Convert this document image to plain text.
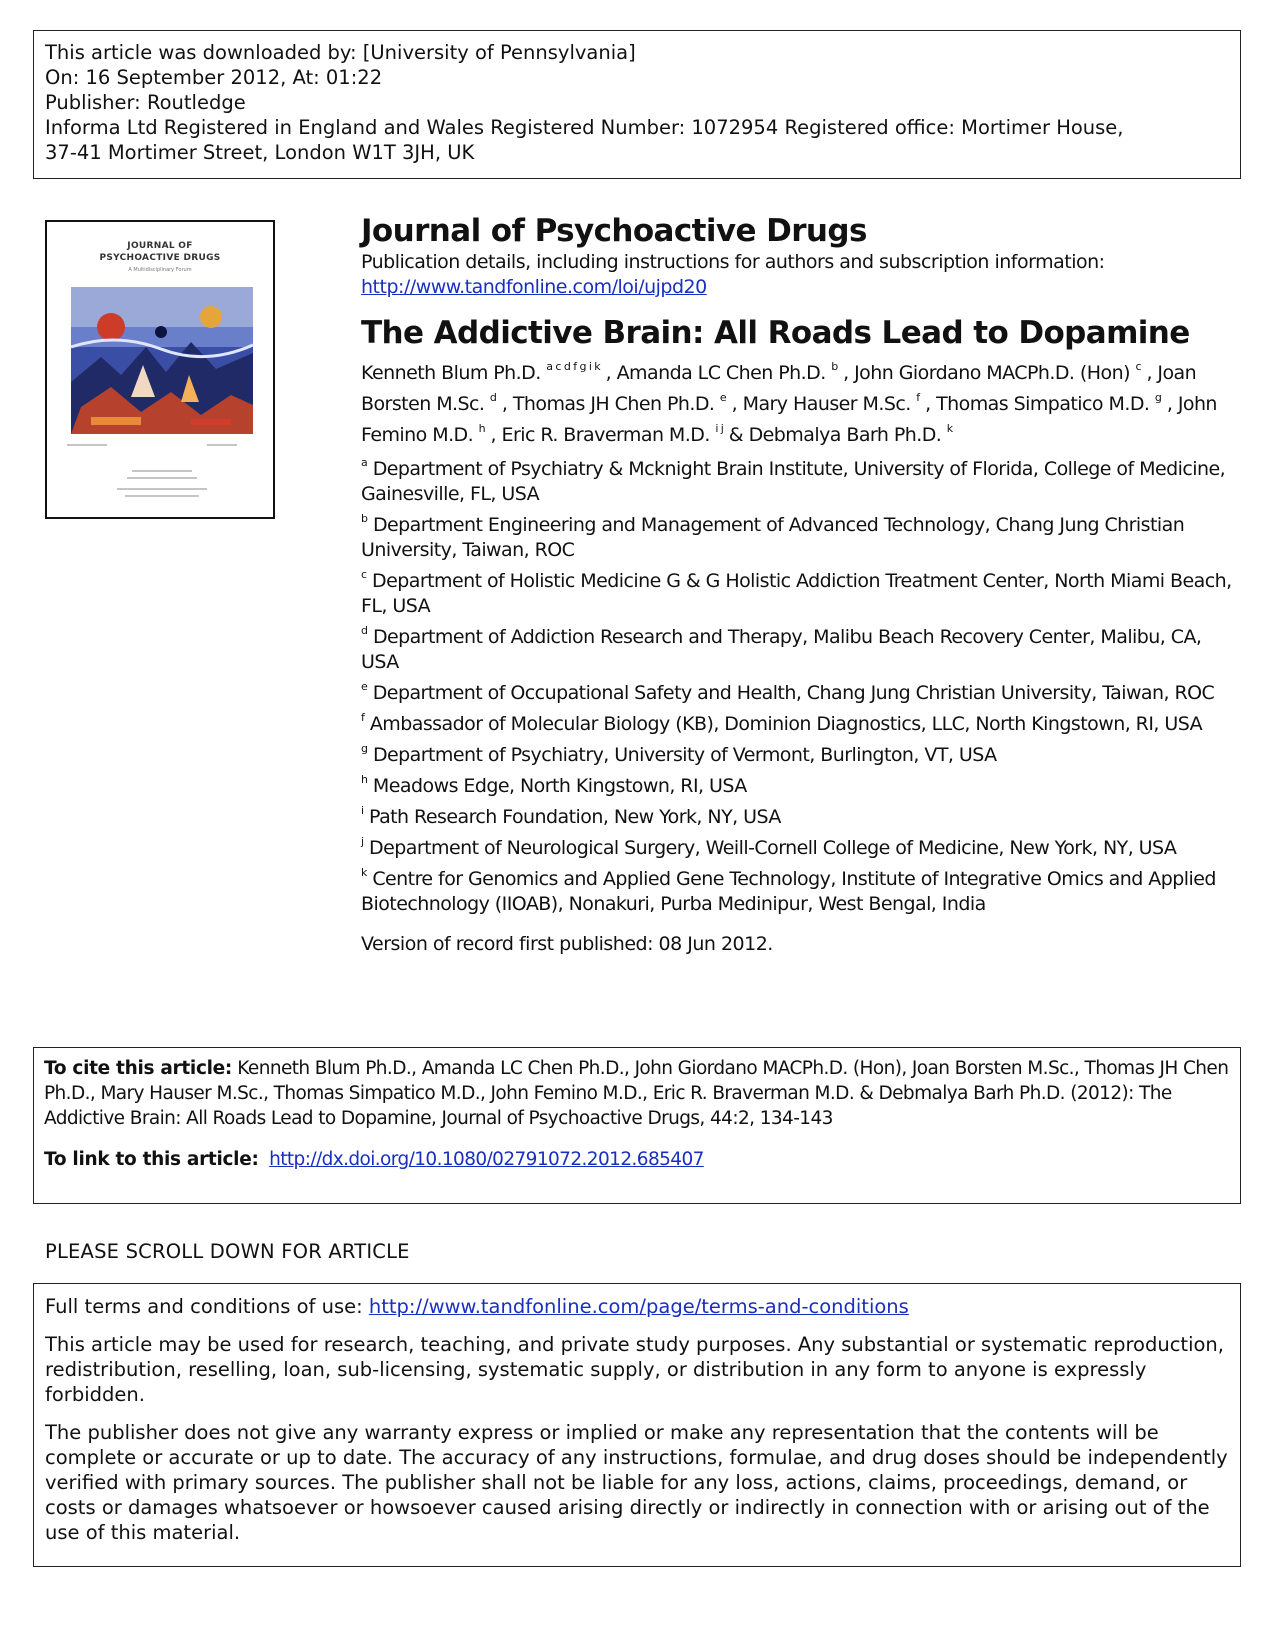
This article was downloaded by: [University of Pennsylvania]
On: 16 September 2012, At: 01:22
Publisher: Routledge
Informa Ltd Registered in England and Wales Registered Number: 1072954 Registered office: Mortimer House,
37-41 Mortimer Street, London W1T 3JH, UK
JOURNAL OF
PSYCHOACTIVE DRUGS
A Multidisciplinary Forum
Journal of Psychoactive Drugs
Publication details, including instructions for authors and subscription information:
http://www.tandfonline.com/loi/ujpd20
The Addictive Brain: All Roads Lead to Dopamine
Kenneth Blum Ph.D. $^{a c d f g i k}$ , Amanda LC Chen Ph.D. $^b$ , John Giordano MACPh.D. (Hon) $^c$ , Joan Borsten M.Sc. $^d$ , Thomas JH Chen Ph.D. $^e$ , Mary Hauser M.Sc. $^f$ , Thomas Simpatico M.D. $^g$ , John Femino M.D. $^h$ , Eric R. Braverman M.D. $^{i j}$ & Debmalya Barh Ph.D. $^k$
$^a$ Department of Psychiatry & Mcknight Brain Institute, University of Florida, College of Medicine, Gainesville, FL, USA
$^b$ Department Engineering and Management of Advanced Technology, Chang Jung Christian University, Taiwan, ROC
$^c$ Department of Holistic Medicine G & G Holistic Addiction Treatment Center, North Miami Beach, FL, USA
$^d$ Department of Addiction Research and Therapy, Malibu Beach Recovery Center, Malibu, CA, USA
$^e$ Department of Occupational Safety and Health, Chang Jung Christian University, Taiwan, ROC
$^f$ Ambassador of Molecular Biology (KB), Dominion Diagnostics, LLC, North Kingstown, RI, USA
$^g$ Department of Psychiatry, University of Vermont, Burlington, VT, USA
$^h$ Meadows Edge, North Kingstown, RI, USA
$^i$ Path Research Foundation, New York, NY, USA
$^j$ Department of Neurological Surgery, Weill-Cornell College of Medicine, New York, NY, USA
$^k$ Centre for Genomics and Applied Gene Technology, Institute of Integrative Omics and Applied Biotechnology (IIOAB), Nonakuri, Purba Medinipur, West Bengal, India
Version of record first published: 08 Jun 2012.
To cite this article: Kenneth Blum Ph.D., Amanda LC Chen Ph.D., John Giordano MACPh.D. (Hon), Joan Borsten M.Sc., Thomas JH Chen Ph.D., Mary Hauser M.Sc., Thomas Simpatico M.D., John Femino M.D., Eric R. Braverman M.D. & Debmalya Barh Ph.D. (2012): The Addictive Brain: All Roads Lead to Dopamine, Journal of Psychoactive Drugs, 44:2, 134-143
To link to this article: http://dx.doi.org/10.1080/02791072.2012.685407
PLEASE SCROLL DOWN FOR ARTICLE

Full terms and conditions of use: http://www.tandfonline.com/page/terms-and-conditions

This article may be used for research, teaching, and private study purposes. Any substantial or systematic reproduction, redistribution, reselling, loan, sub-licensing, systematic supply, or distribution in any form to anyone is expressly forbidden.

The publisher does not give any warranty express or implied or make any representation that the contents will be complete or accurate or up to date. The accuracy of any instructions, formulae, and drug doses should be independently verified with primary sources. The publisher shall not be liable for any loss, actions, claims, proceedings, demand, or costs or damages whatsoever or howsoever caused arising directly or indirectly in connection with or arising out of the use of this material.
